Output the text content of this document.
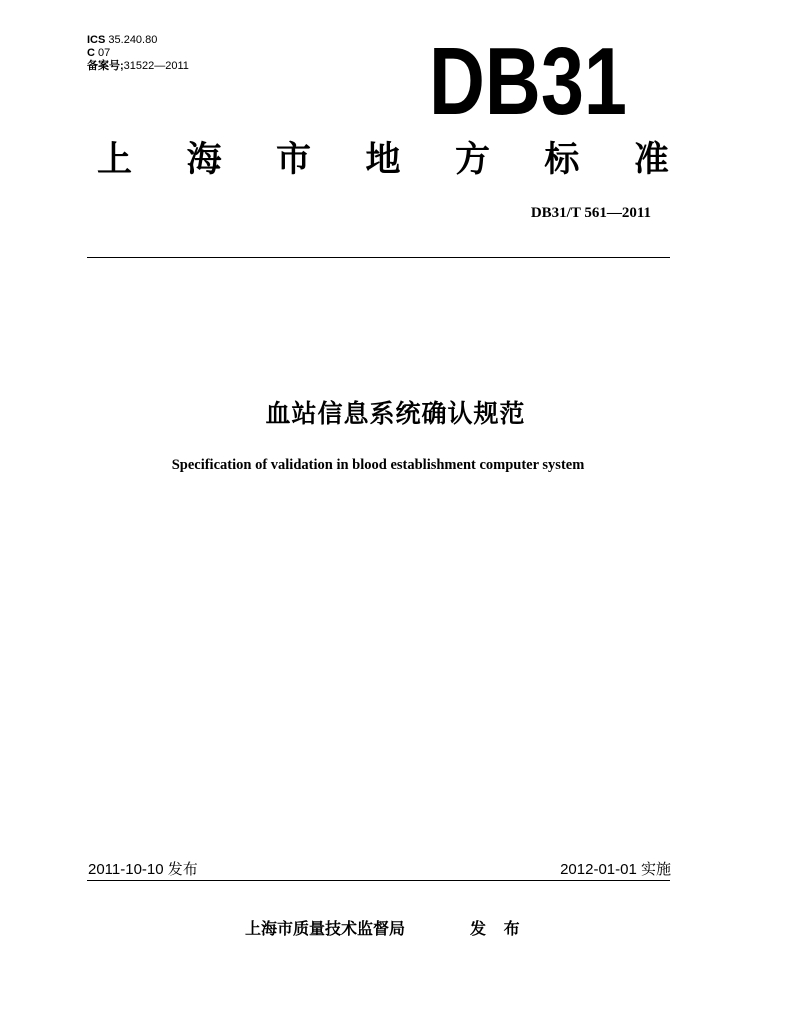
ICS 35.240.80
C 07
备案号;31522—2011	DB31
上 海 市 地 方 标 准
DB31/T 561—2011
血站信息系统确认规范
Specification of validation in blood establishment computer system
2011-10-10 发布	2012-01-01 实施
上海市质量技术监督局	发 布
